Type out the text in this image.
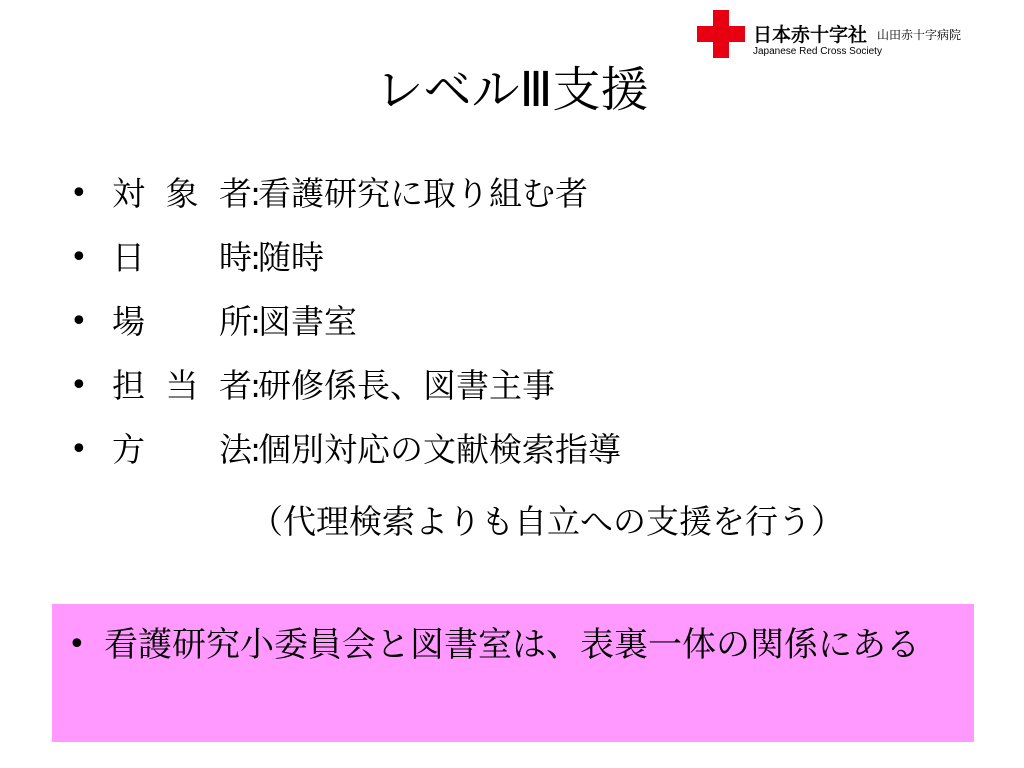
日本赤十字社
Japanese Red Cross Society
山田赤十字病院
レベルⅢ支援
• 対象者
:
看護研究に取り組む者
• 日時
:
随時
• 場所
:
図書室
• 担当者
:
研修係長、図書主事
• 方法
:
個別対応の文献検索指導
（代理検索よりも自立への支援を行う）
• 看護研究小委員会と図書室は、表裏一体の関係にある
